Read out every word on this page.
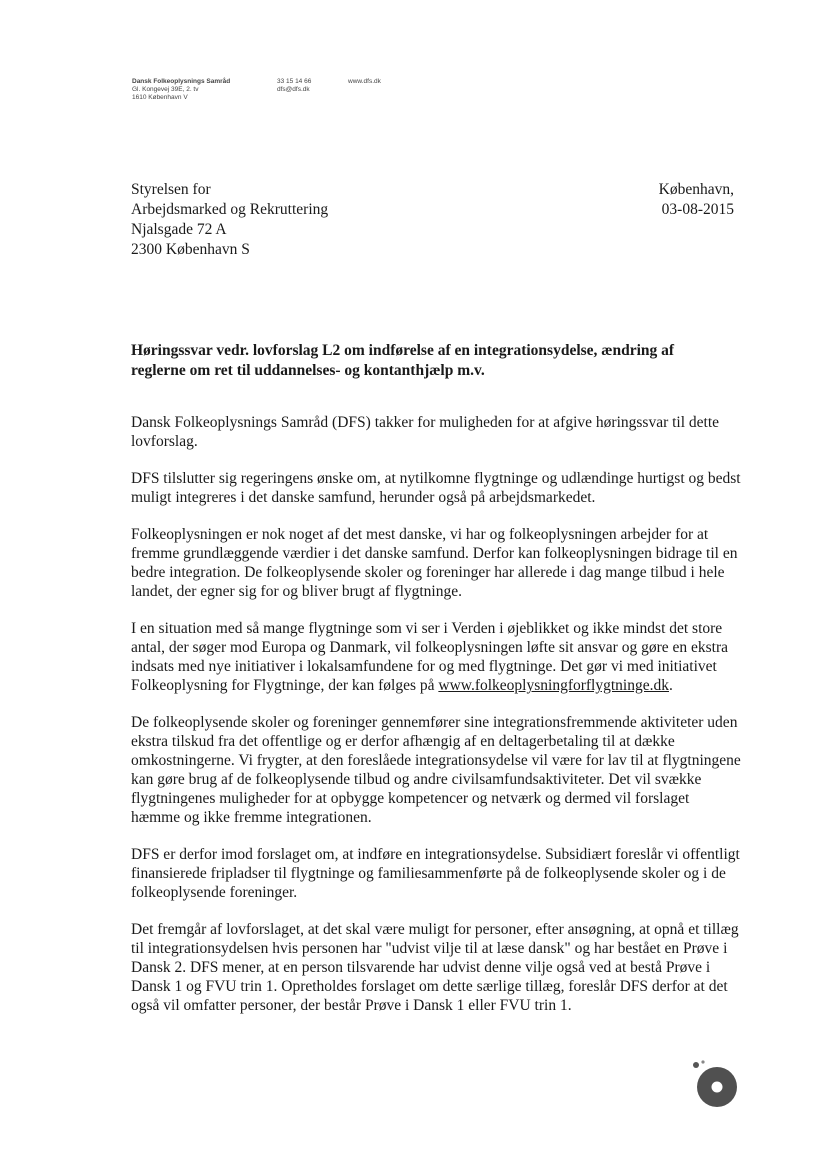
Dansk Folkeoplysnings Samråd
Gl. Kongevej 39E, 2. tv
1610 København V
33 15 14 66
dfs@dfs.dk
www.dfs.dk
Styrelsen for
Arbejdsmarked og Rekruttering
Njalsgade 72 A
2300 København S
København,
03-08-2015
Høringssvar vedr. lovforslag L2 om indførelse af en integrationsydelse, ændring af reglerne om ret til uddannelses- og kontanthjælp m.v.

Dansk Folkeoplysnings Samråd (DFS) takker for muligheden for at afgive høringssvar til dette lovforslag.

DFS tilslutter sig regeringens ønske om, at nytilkomne flygtninge og udlændinge hurtigst og bedst muligt integreres i det danske samfund, herunder også på arbejdsmarkedet.

Folkeoplysningen er nok noget af det mest danske, vi har og folkeoplysningen arbejder for at fremme grundlæggende værdier i det danske samfund. Derfor kan folkeoplysningen bidrage til en bedre integration. De folkeoplysende skoler og foreninger har allerede i dag mange tilbud i hele landet, der egner sig for og bliver brugt af flygtninge.

I en situation med så mange flygtninge som vi ser i Verden i øjeblikket og ikke mindst det store antal, der søger mod Europa og Danmark, vil folkeoplysningen løfte sit ansvar og gøre en ekstra indsats med nye initiativer i lokalsamfundene for og med flygtninge. Det gør vi med initiativet Folkeoplysning for Flygtninge, der kan følges på www.folkeoplysningforflygtninge.dk.

De folkeoplysende skoler og foreninger gennemfører sine integrationsfremmende aktiviteter uden ekstra tilskud fra det offentlige og er derfor afhængig af en deltagerbetaling til at dække omkostningerne. Vi frygter, at den foreslåede integrationsydelse vil være for lav til at flygtningene kan gøre brug af de folkeoplysende tilbud og andre civilsamfundsaktiviteter. Det vil svække flygtningenes muligheder for at opbygge kompetencer og netværk og dermed vil forslaget hæmme og ikke fremme integrationen.

DFS er derfor imod forslaget om, at indføre en integrationsydelse. Subsidiært foreslår vi offentligt finansierede fripladser til flygtninge og familiesammenførte på de folkeoplysende skoler og i de folkeoplysende foreninger.

Det fremgår af lovforslaget, at det skal være muligt for personer, efter ansøgning, at opnå et tillæg til integrationsydelsen hvis personen har "udvist vilje til at læse dansk" og har bestået en Prøve i Dansk 2. DFS mener, at en person tilsvarende har udvist denne vilje også ved at bestå Prøve i Dansk 1 og FVU trin 1. Opretholdes forslaget om dette særlige tillæg, foreslår DFS derfor at det også vil omfatter personer, der består Prøve i Dansk 1 eller FVU trin 1.
